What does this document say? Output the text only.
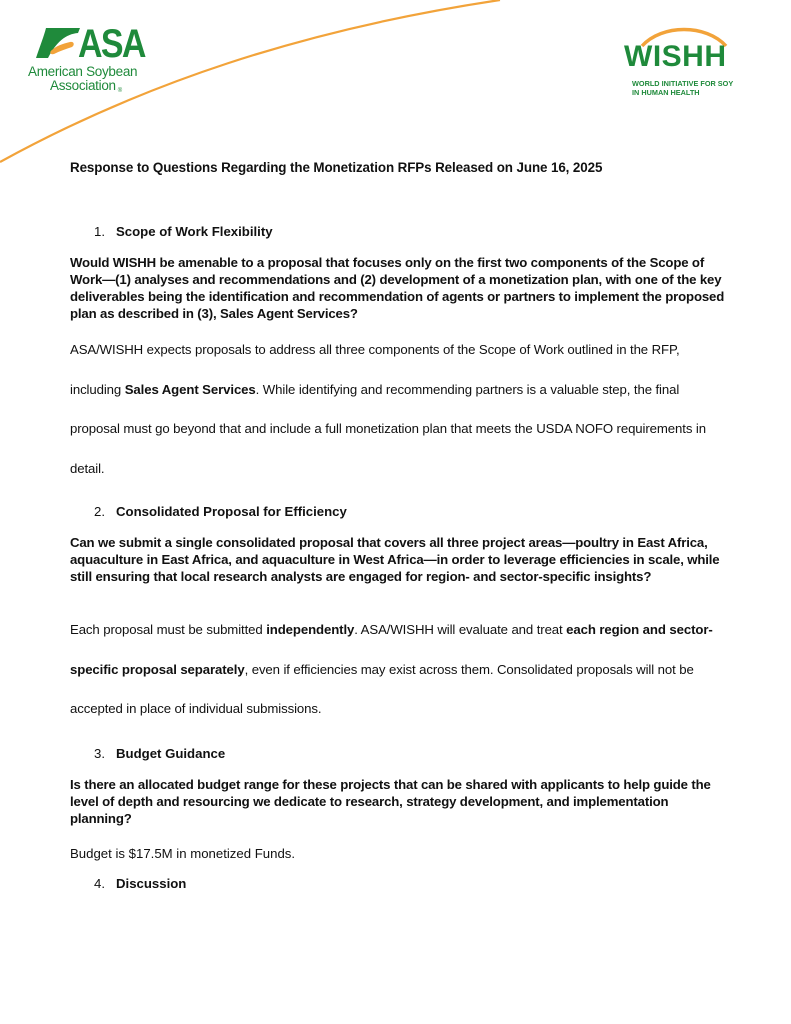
ASA
American Soybean
Association ®
WISHH
WORLD INITIATIVE FOR SOY
IN HUMAN HEALTH
Response to Questions Regarding the Monetization RFPs Released on June 16, 2025
1. Scope of Work Flexibility
Would WISHH be amenable to a proposal that focuses only on the first two components of the Scope of Work—(1) analyses and recommendations and (2) development of a monetization plan, with one of the key deliverables being the identification and recommendation of agents or partners to implement the proposed plan as described in (3), Sales Agent Services?
ASA/WISHH expects proposals to address all three components of the Scope of Work outlined in the RFP, including Sales Agent Services. While identifying and recommending partners is a valuable step, the final proposal must go beyond that and include a full monetization plan that meets the USDA NOFO requirements in detail.
2. Consolidated Proposal for Efficiency
Can we submit a single consolidated proposal that covers all three project areas—poultry in East Africa, aquaculture in East Africa, and aquaculture in West Africa—in order to leverage efficiencies in scale, while still ensuring that local research analysts are engaged for region- and sector-specific insights?
Each proposal must be submitted independently. ASA/WISHH will evaluate and treat each region and sector-specific proposal separately, even if efficiencies may exist across them. Consolidated proposals will not be accepted in place of individual submissions.
3. Budget Guidance
Is there an allocated budget range for these projects that can be shared with applicants to help guide the level of depth and resourcing we dedicate to research, strategy development, and implementation planning?
Budget is $17.5M in monetized Funds.
4. Discussion
